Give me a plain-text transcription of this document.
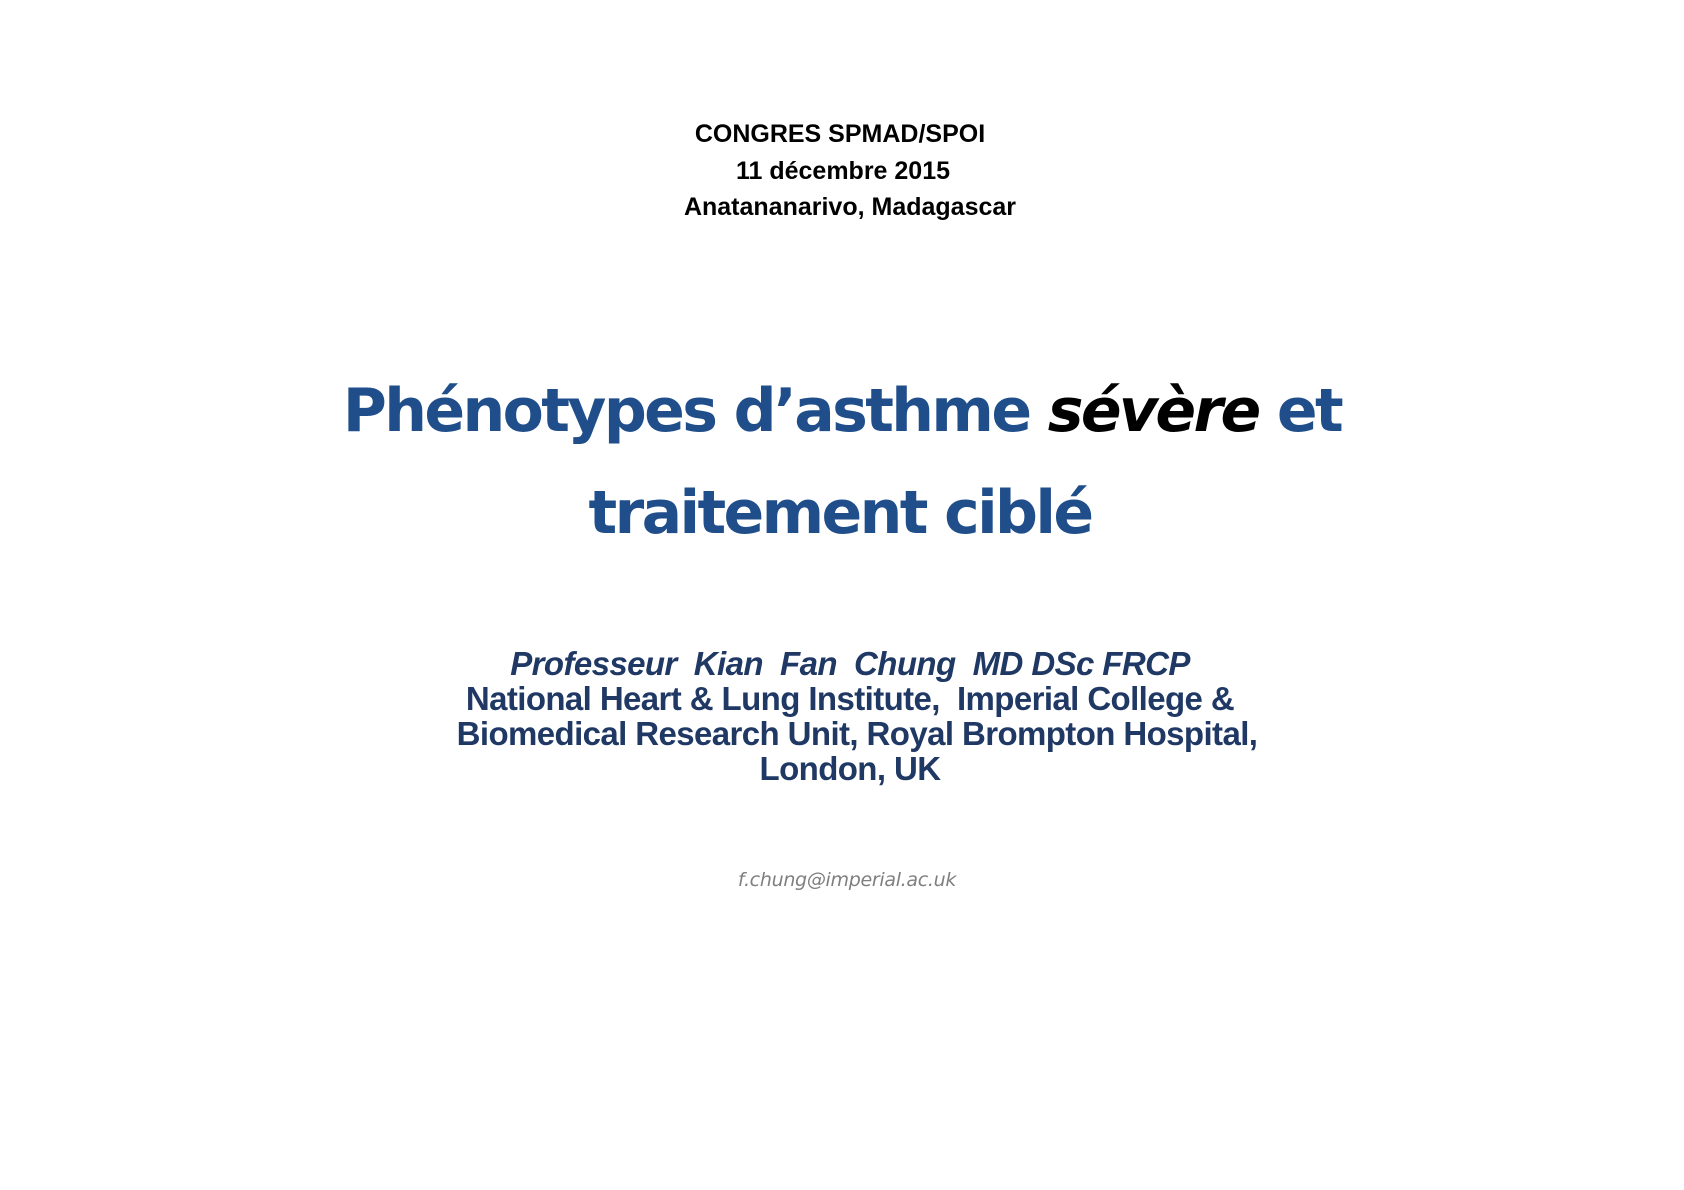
CONGRES SPMAD/SPOI
11 décembre 2015
Anatananarivo, Madagascar
Phénotypes d’asthme sévère et
traitement ciblé
Professeur  Kian  Fan  Chung  MD DSc FRCP
National Heart & Lung Institute,  Imperial College &
Biomedical Research Unit, Royal Brompton Hospital,
London, UK
f.chung@imperial.ac.uk
